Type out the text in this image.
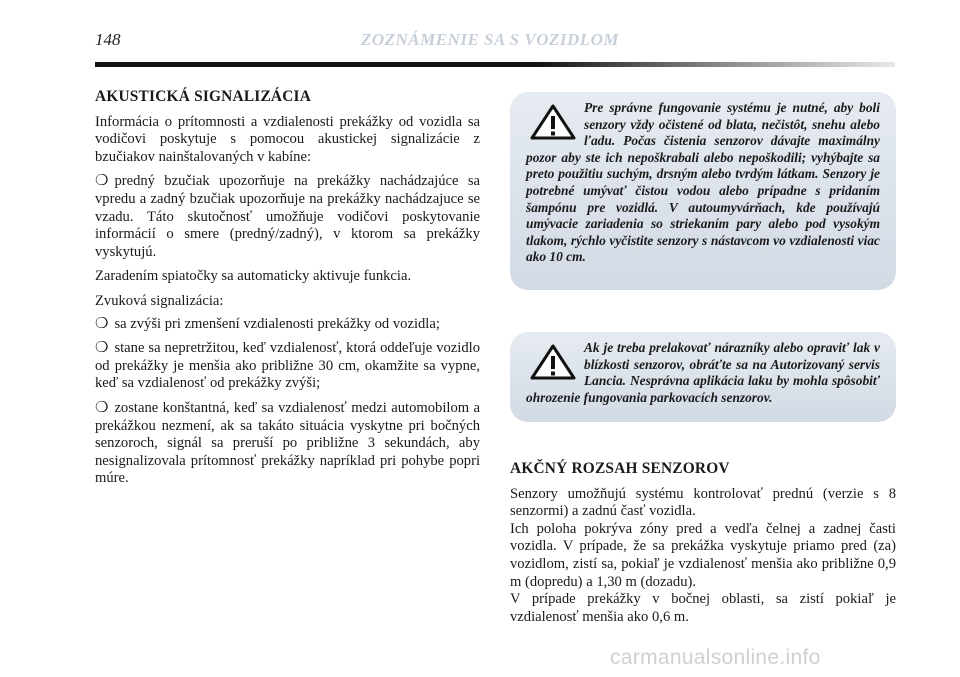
148	ZOZNÁMENIE SA S VOZIDLOM
AKUSTICKÁ SIGNALIZÁCIA

Informácia o prítomnosti a vzdialenosti prekážky od vozidla sa vodičovi poskytuje s pomocou akustickej signalizácie z bzučiakov nainštalovaných v kabíne:

❍ predný bzučiak upozorňuje na prekážky nachádzajúce sa vpredu a zadný bzučiak upozorňuje na prekážky nachádzajuce se vzadu. Táto skutočnosť umožňuje vodičovi poskytovanie informácií o smere (predný/zadný), v ktorom sa prekážky vyskytujú.

Zaradením spiatočky sa automaticky aktivuje funkcia.

Zvuková signalizácia:

❍ sa zvýši pri zmenšení vzdialenosti prekážky od vozidla;

❍ stane sa nepretržitou, keď vzdialenosť, ktorá oddeľuje vozidlo od prekážky je menšia ako približne 30 cm, okamžite sa vypne, keď sa vzdialenosť od prekážky zvýši;

❍ zostane konštantná, keď sa vzdialenosť medzi automobilom a prekážkou nezmení, ak sa takáto situácia vyskytne pri bočných senzoroch, signál sa preruší po približne 3 sekundách, aby nesignalizovala prítomnosť prekážky napríklad pri pohybe popri múre.

Pre správne fungovanie systému je nutné, aby boli senzory vždy očistené od blata, nečistôt, snehu alebo ľadu. Počas čistenia senzorov dávajte maximálny pozor aby ste ich nepoškrabali alebo nepoškodili; vyhýbajte sa preto použitiu suchým, drsným alebo tvrdým látkam. Senzory je potrebné umývať čistou vodou alebo prípadne s pridaním šampónu pre vozidlá. V autoumyvárňach, kde používajú umývacie zariadenia so striekaním pary alebo pod vysokým tlakom, rýchlo vyčistite senzory s nástavcom vo vzdialenosti viac ako 10 cm.
Ak je treba prelakovať nárazníky alebo opraviť lak v blízkosti senzorov, obráťte sa na Autorizovaný servis Lancia. Nesprávna aplikácia laku by mohla spôsobiť ohrozenie fungovania parkovacích senzorov.
AKČNÝ ROZSAH SENZOROV

Senzory umožňujú systému kontrolovať prednú (verzie s 8 senzormi) a zadnú časť vozidla.

Ich poloha pokrýva zóny pred a vedľa čelnej a zadnej časti vozidla. V prípade, že sa prekážka vyskytuje priamo pred (za) vozidlom, zistí sa, pokiaľ je vzdialenosť menšia ako približne 0,9 m (dopredu) a 1,30 m (dozadu).

V prípade prekážky v bočnej oblasti, sa zistí pokiaľ je vzdialenosť menšia ako 0,6 m.

carmanualsonline.info
